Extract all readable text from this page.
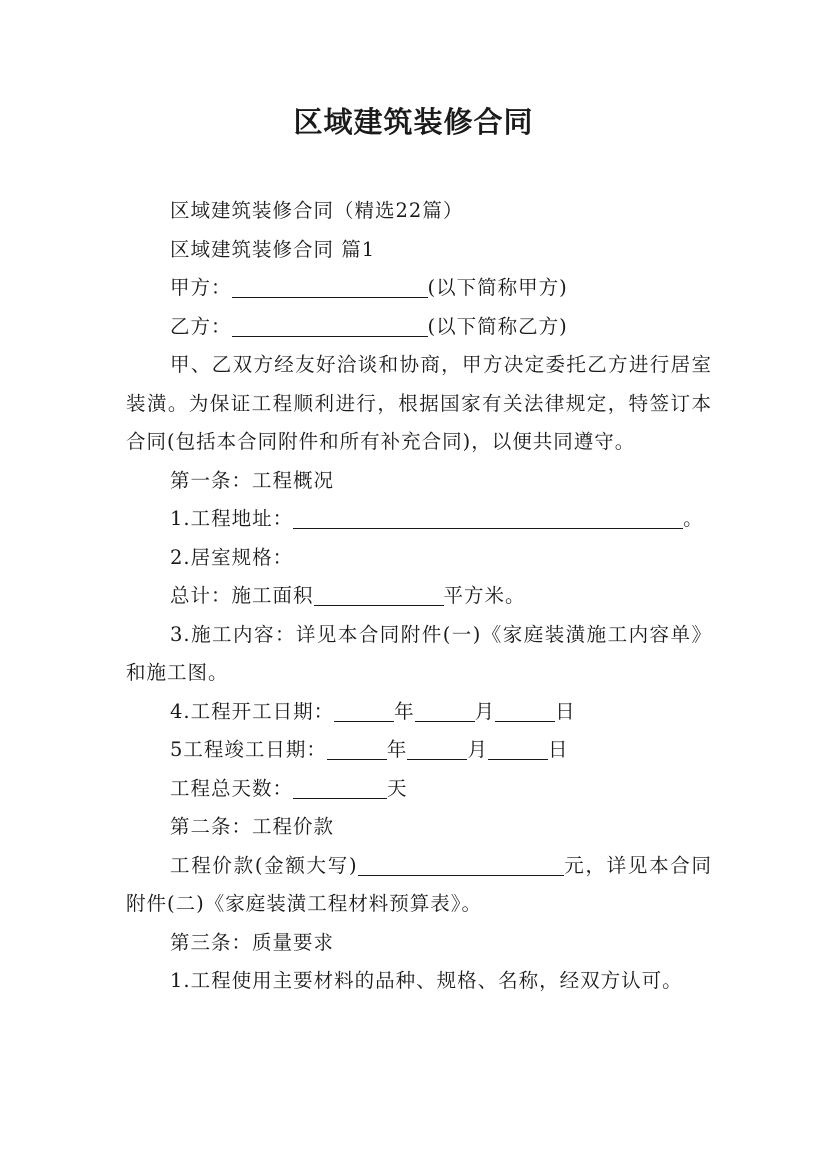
区域建筑装修合同

区域建筑装修合同（精选22篇）

区域建筑装修合同 篇1

甲方：	(以下简称甲方)

乙方：	(以下简称乙方)

甲、乙双方经友好洽谈和协商，甲方决定委托乙方进行居室装潢。为保证工程顺利进行，根据国家有关法律规定，特签订本合同(包括本合同附件和所有补充合同)，以便共同遵守。

第一条：工程概况

1.工程地址：	。

2.居室规格：

总计：施工面积	平方米。

3.施工内容：详见本合同附件(一)《家庭装潢施工内容单》和施工图。

4.工程开工日期：	年	月	日

5工程竣工日期：	年	月	日

工程总天数：	天

第二条：工程价款

工程价款(金额大写)	元，详见本合同附件(二)《家庭装潢工程材料预算表》。

第三条：质量要求

1.工程使用主要材料的品种、规格、名称，经双方认可。
